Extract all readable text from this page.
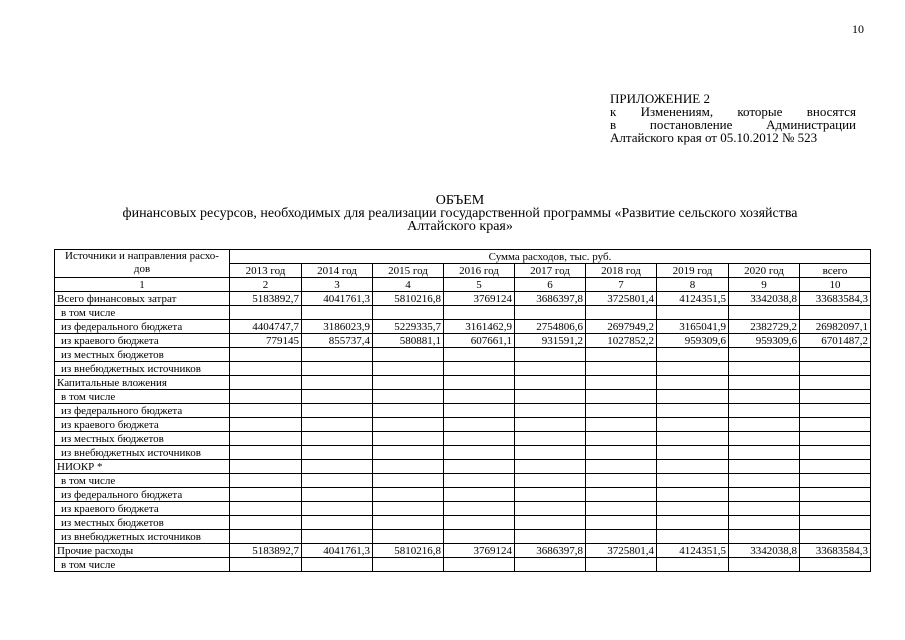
10
ПРИЛОЖЕНИЕ 2
к Изменениям, которые вносятся
в постановление Администрации
Алтайского края от 05.10.2012 № 523
ОБЪЕМ
финансовых ресурсов, необходимых для реализации государственной программы «Развитие сельского хозяйства
Алтайского края»
Источники и направления расхо-дов	Сумма расходов, тыс. руб.								
	2013 год	2014 год	2015 год	2016 год	2017 год	2018 год	2019 год	2020 год	всего
1	2	3	4	5	6	7	8	9	10
Всего финансовых затрат	5183892,7	4041761,3	5810216,8	3769124	3686397,8	3725801,4	4124351,5	3342038,8	33683584,3
в том числе									
из федерального бюджета	4404747,7	3186023,9	5229335,7	3161462,9	2754806,6	2697949,2	3165041,9	2382729,2	26982097,1
из краевого бюджета	779145	855737,4	580881,1	607661,1	931591,2	1027852,2	959309,6	959309,6	6701487,2
из местных бюджетов									
из внебюджетных источников									
Капитальные вложения									
в том числе									
из федерального бюджета									
из краевого бюджета									
из местных бюджетов									
из внебюджетных источников									
НИОКР *									
в том числе									
из федерального бюджета									
из краевого бюджета									
из местных бюджетов									
из внебюджетных источников									
Прочие расходы	5183892,7	4041761,3	5810216,8	3769124	3686397,8	3725801,4	4124351,5	3342038,8	33683584,3
в том числе									
